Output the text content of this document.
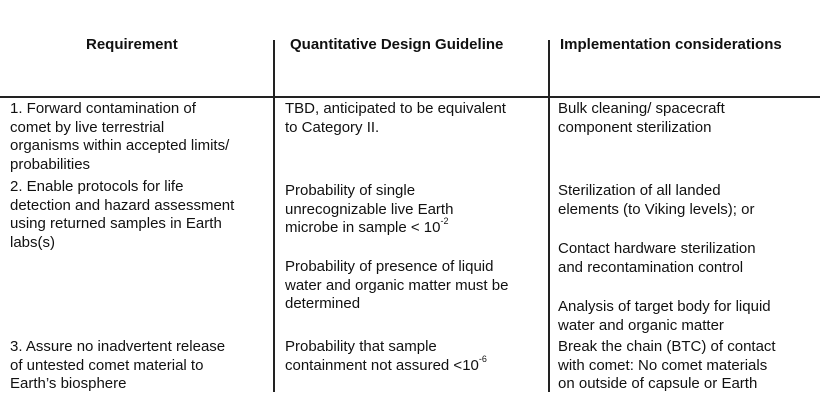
Requirement	Quantitative Design Guideline	Implementation considerations
1. Forward contamination of
comet by live terrestrial
organisms within accepted limits/
probabilities
TBD, anticipated to be equivalent
to Category II.
Bulk cleaning/ spacecraft
component sterilization
2. Enable protocols for life
detection and hazard assessment
using returned samples in Earth
labs(s)
Probability of single
unrecognizable live Earth
microbe in sample < $10^{-2}$
Probability of presence of liquid
water and organic matter must be
determined
Sterilization of all landed
elements (to Viking levels); or
Contact hardware sterilization
and recontamination control
Analysis of target body for liquid
water and organic matter
3. Assure no inadvertent release
of untested comet material to
Earth’s biosphere
Probability that sample
containment not assured $<10^{-6}$
Break the chain (BTC) of contact
with comet: No comet materials
on outside of capsule or Earth
